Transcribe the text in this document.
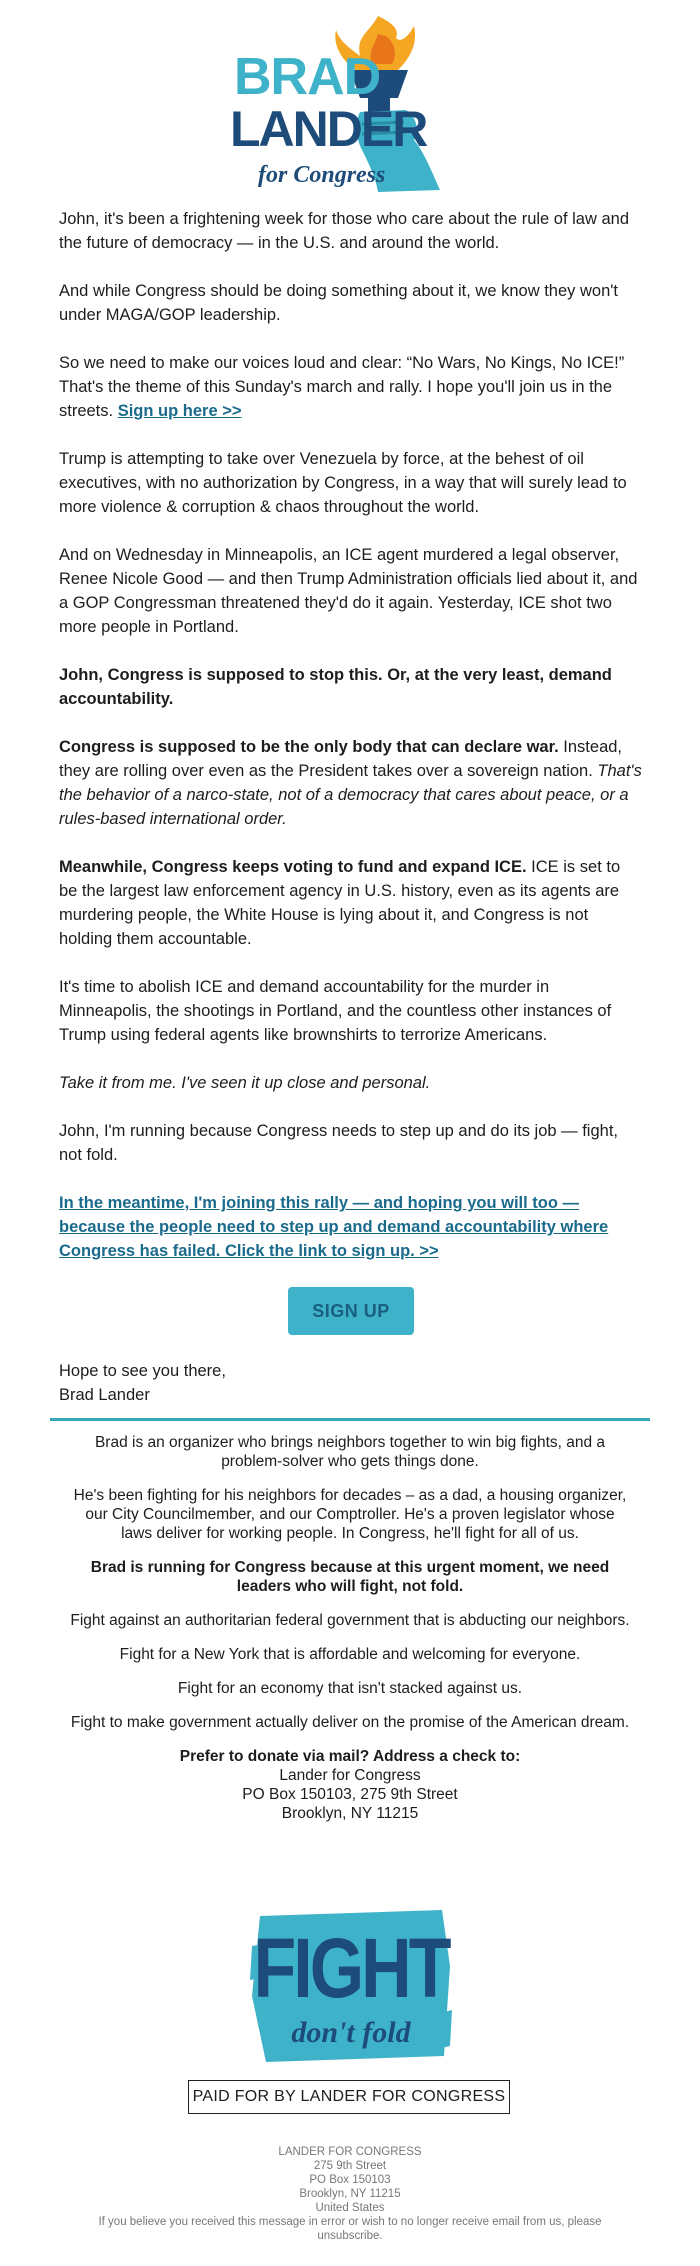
BRAD
LANDER
for Congress

John, it's been a frightening week for those who care about the rule of law and the future of democracy — in the U.S. and around the world.

And while Congress should be doing something about it, we know they won't under MAGA/GOP leadership.

So we need to make our voices loud and clear: “No Wars, No Kings, No ICE!” That's the theme of this Sunday's march and rally. I hope you'll join us in the streets. Sign up here >>

Trump is attempting to take over Venezuela by force, at the behest of oil executives, with no authorization by Congress, in a way that will surely lead to more violence & corruption & chaos throughout the world.

And on Wednesday in Minneapolis, an ICE agent murdered a legal observer, Renee Nicole Good — and then Trump Administration officials lied about it, and a GOP Congressman threatened they'd do it again. Yesterday, ICE shot two more people in Portland.

John, Congress is supposed to stop this. Or, at the very least, demand accountability.

Congress is supposed to be the only body that can declare war. Instead, they are rolling over even as the President takes over a sovereign nation. That's the behavior of a narco-state, not of a democracy that cares about peace, or a rules-based international order.

Meanwhile, Congress keeps voting to fund and expand ICE. ICE is set to be the largest law enforcement agency in U.S. history, even as its agents are murdering people, the White House is lying about it, and Congress is not holding them accountable.

It's time to abolish ICE and demand accountability for the murder in Minneapolis, the shootings in Portland, and the countless other instances of Trump using federal agents like brownshirts to terrorize Americans.

Take it from me. I've seen it up close and personal.

John, I'm running because Congress needs to step up and do its job — fight, not fold.

In the meantime, I'm joining this rally — and hoping you will too — because the people need to step up and demand accountability where Congress has failed. Click the link to sign up. >>

SIGN UP

Hope to see you there,
Brad Lander

Brad is an organizer who brings neighbors together to win big fights, and a problem-solver who gets things done.

He's been fighting for his neighbors for decades – as a dad, a housing organizer, our City Councilmember, and our Comptroller. He's a proven legislator whose laws deliver for working people. In Congress, he'll fight for all of us.

Brad is running for Congress because at this urgent moment, we need leaders who will fight, not fold.

Fight against an authoritarian federal government that is abducting our neighbors.

Fight for a New York that is affordable and welcoming for everyone.

Fight for an economy that isn't stacked against us.

Fight to make government actually deliver on the promise of the American dream.

Prefer to donate via mail? Address a check to:
Lander for Congress
PO Box 150103, 275 9th Street
Brooklyn, NY 11215

FIGHT
don't fold
PAID FOR BY LANDER FOR CONGRESS
LANDER FOR CONGRESS
275 9th Street
PO Box 150103
Brooklyn, NY 11215
United States
If you believe you received this message in error or wish to no longer receive email from us, please unsubscribe.
